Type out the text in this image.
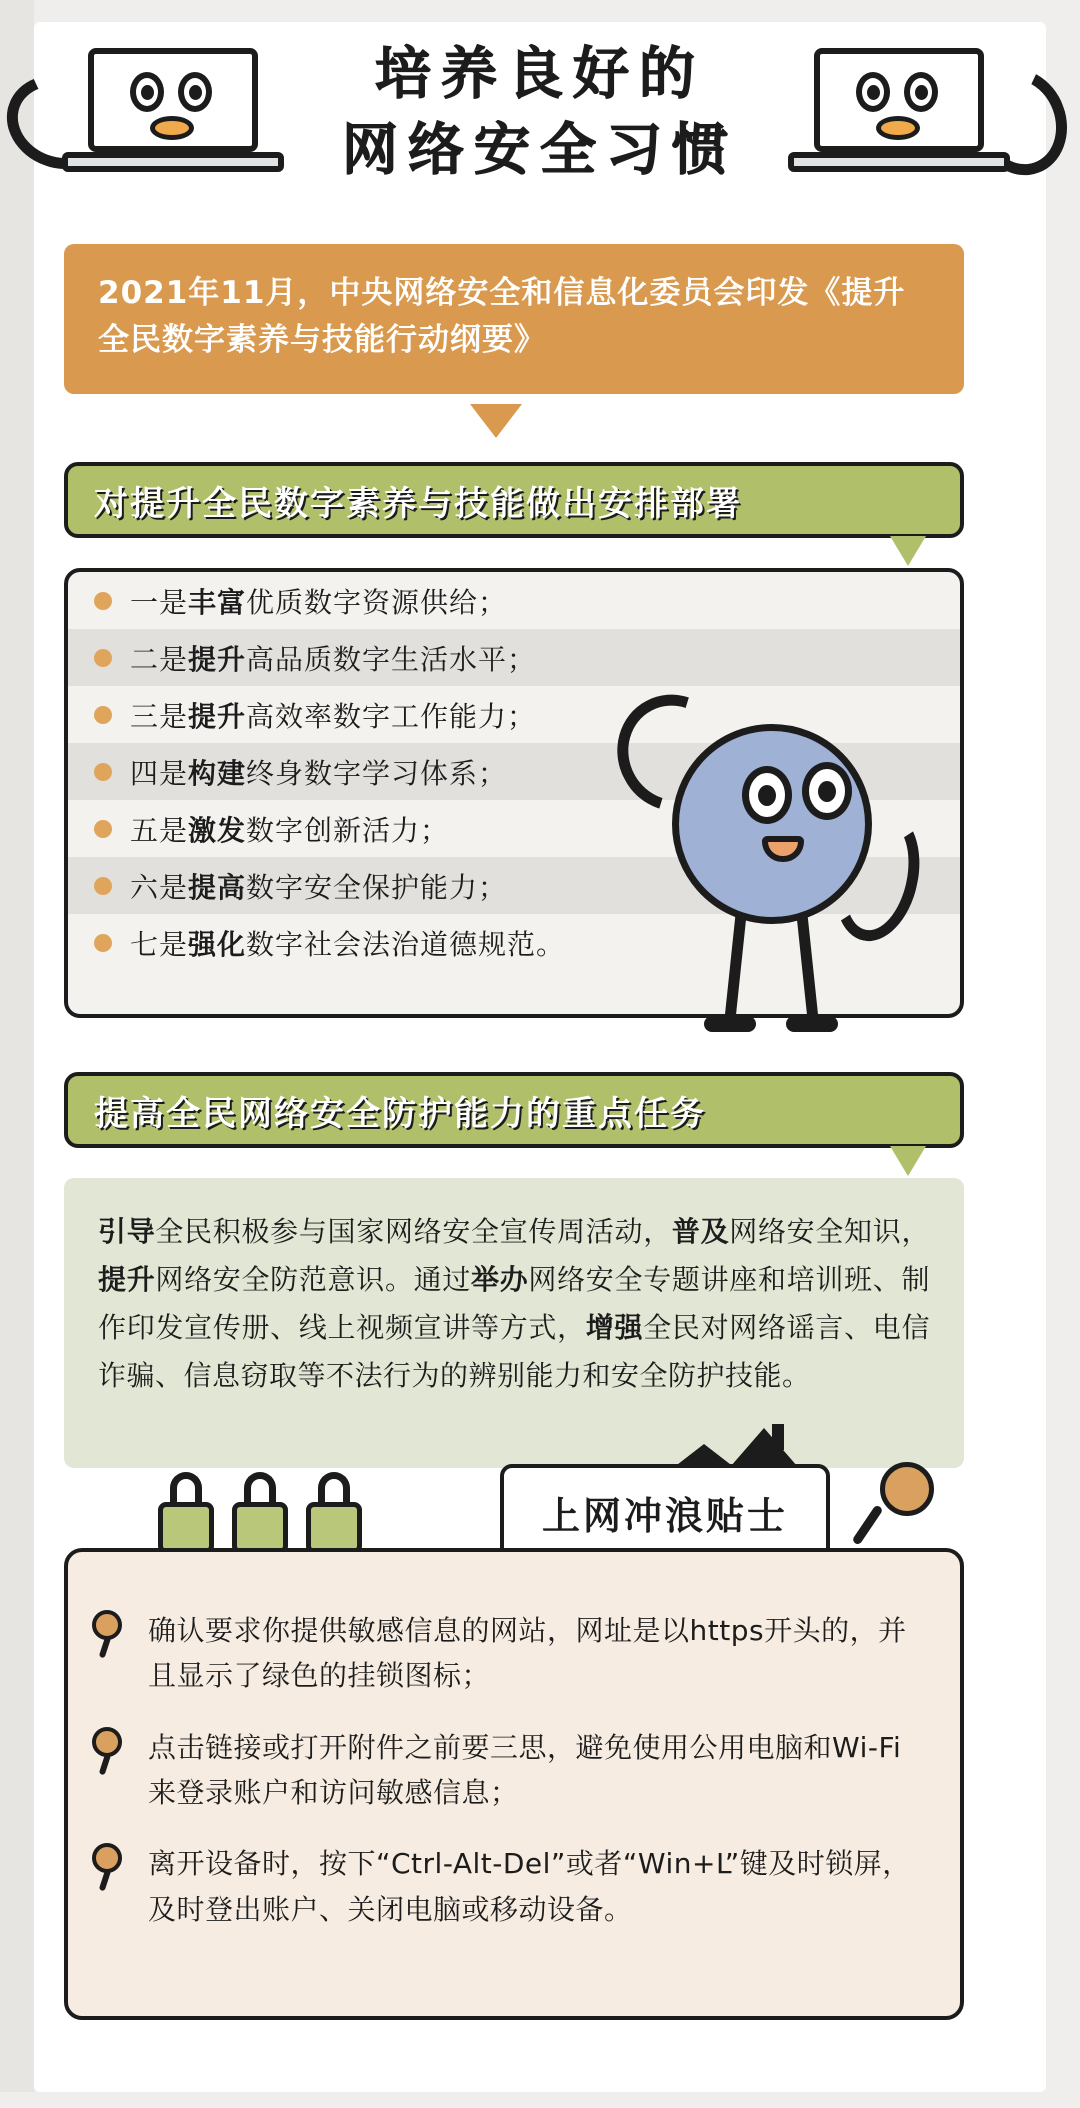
培养良好的
网络安全习惯
2021年11月，中央网络安全和信息化委员会印发《提升全民数字素养与技能行动纲要》
对提升全民数字素养与技能做出安排部署
一是丰富优质数字资源供给；
二是提升高品质数字生活水平；
三是提升高效率数字工作能力；
四是构建终身数字学习体系；
五是激发数字创新活力；
六是提高数字安全保护能力；
七是强化数字社会法治道德规范。
提高全民网络安全防护能力的重点任务

引导全民积极参与国家网络安全宣传周活动，普及网络安全知识，提升网络安全防范意识。通过举办网络安全专题讲座和培训班、制作印发宣传册、线上视频宣讲等方式，增强全民对网络谣言、电信诈骗、信息窃取等不法行为的辨别能力和安全防护技能。

上网冲浪贴士
确认要求你提供敏感信息的网站，网址是以https开头的，并且显示了绿色的挂锁图标；
点击链接或打开附件之前要三思，避免使用公用电脑和Wi-Fi来登录账户和访问敏感信息；
离开设备时，按下“Ctrl-Alt-Del”或者“Win+L”键及时锁屏，及时登出账户、关闭电脑或移动设备。
